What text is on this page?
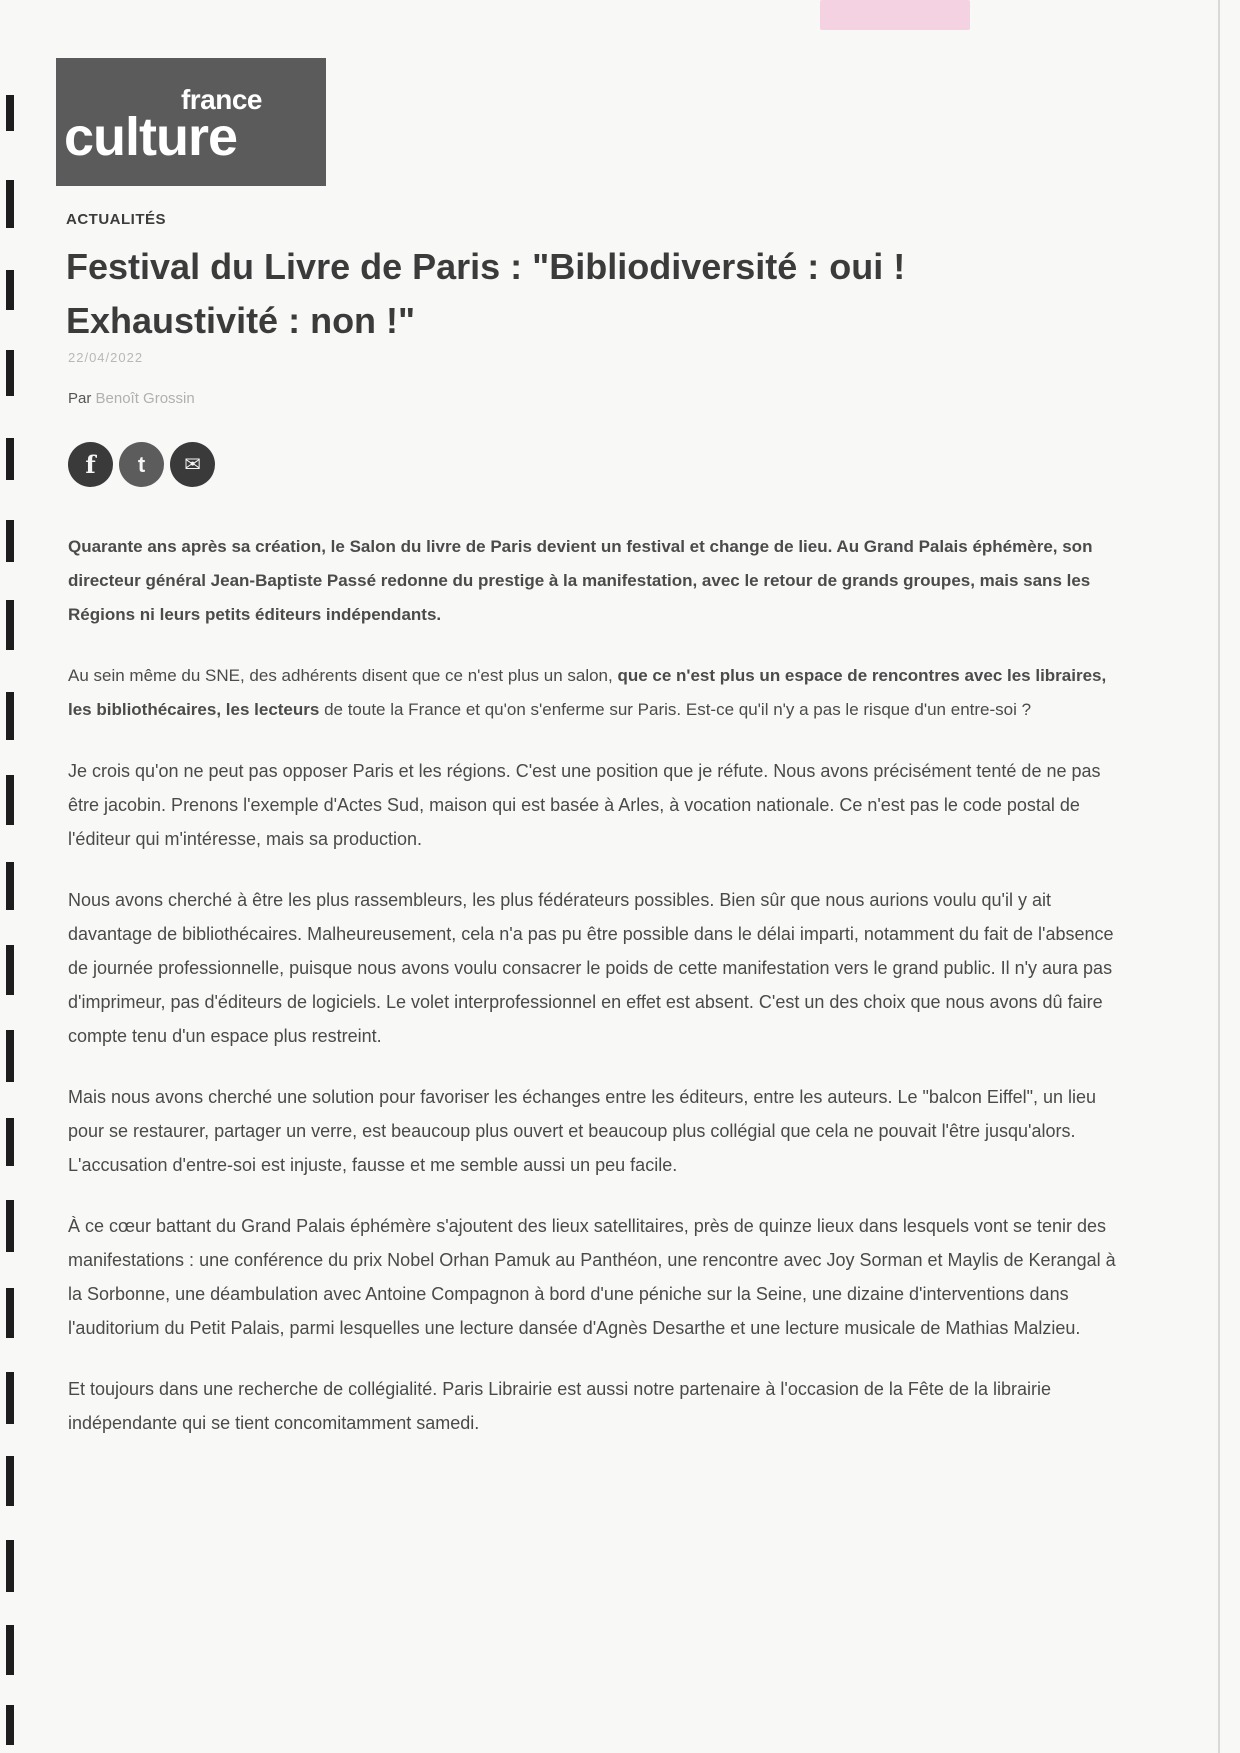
france
culture
ACTUALITÉS
Festival du Livre de Paris : "Bibliodiversité : oui ! Exhaustivité : non !"
22/04/2022
Par Benoît Grossin
f t ✉

Quarante ans après sa création, le Salon du livre de Paris devient un festival et change de lieu. Au Grand Palais éphémère, son directeur général Jean-Baptiste Passé redonne du prestige à la manifestation, avec le retour de grands groupes, mais sans les Régions ni leurs petits éditeurs indépendants.

Au sein même du SNE, des adhérents disent que ce n'est plus un salon, que ce n'est plus un espace de rencontres avec les libraires, les bibliothécaires, les lecteurs de toute la France et qu'on s'enferme sur Paris. Est-ce qu'il n'y a pas le risque d'un entre-soi ?

Je crois qu'on ne peut pas opposer Paris et les régions. C'est une position que je réfute. Nous avons précisément tenté de ne pas être jacobin. Prenons l'exemple d'Actes Sud, maison qui est basée à Arles, à vocation nationale. Ce n'est pas le code postal de l'éditeur qui m'intéresse, mais sa production.

Nous avons cherché à être les plus rassembleurs, les plus fédérateurs possibles. Bien sûr que nous aurions voulu qu'il y ait davantage de bibliothécaires. Malheureusement, cela n'a pas pu être possible dans le délai imparti, notamment du fait de l'absence de journée professionnelle, puisque nous avons voulu consacrer le poids de cette manifestation vers le grand public. Il n'y aura pas d'imprimeur, pas d'éditeurs de logiciels. Le volet interprofessionnel en effet est absent. C'est un des choix que nous avons dû faire compte tenu d'un espace plus restreint.

Mais nous avons cherché une solution pour favoriser les échanges entre les éditeurs, entre les auteurs. Le "balcon Eiffel", un lieu pour se restaurer, partager un verre, est beaucoup plus ouvert et beaucoup plus collégial que cela ne pouvait l'être jusqu'alors. L'accusation d'entre-soi est injuste, fausse et me semble aussi un peu facile.

À ce cœur battant du Grand Palais éphémère s'ajoutent des lieux satellitaires, près de quinze lieux dans lesquels vont se tenir des manifestations : une conférence du prix Nobel Orhan Pamuk au Panthéon, une rencontre avec Joy Sorman et Maylis de Kerangal à la Sorbonne, une déambulation avec Antoine Compagnon à bord d'une péniche sur la Seine, une dizaine d'interventions dans l'auditorium du Petit Palais, parmi lesquelles une lecture dansée d'Agnès Desarthe et une lecture musicale de Mathias Malzieu.

Et toujours dans une recherche de collégialité. Paris Librairie est aussi notre partenaire à l'occasion de la Fête de la librairie indépendante qui se tient concomitamment samedi.
